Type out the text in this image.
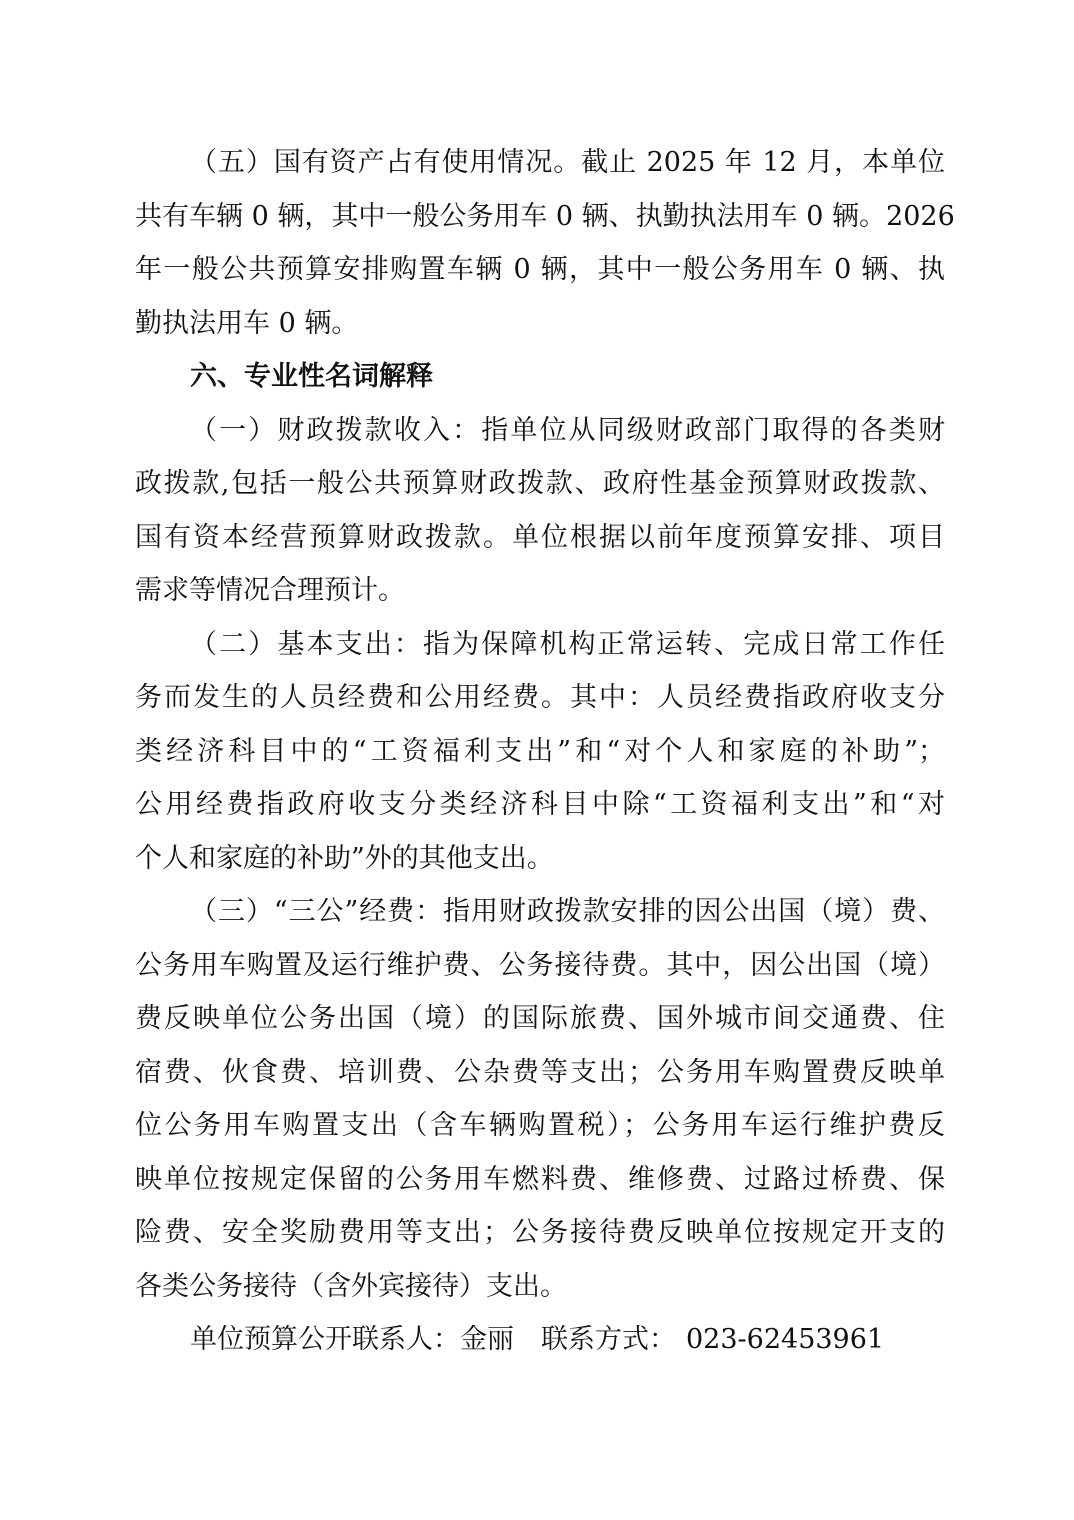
（五）国有资产占有使用情况。截止 2025 年 12 月，本单位
共有车辆 0 辆，其中一般公务用车 0 辆、执勤执法用车 0 辆。2026
年一般公共预算安排购置车辆 0 辆，其中一般公务用车 0 辆、执
勤执法用车 0 辆。
六、专业性名词解释
（一）财政拨款收入：指单位从同级财政部门取得的各类财
政拨款,包括一般公共预算财政拨款、政府性基金预算财政拨款、
国有资本经营预算财政拨款。单位根据以前年度预算安排、项目
需求等情况合理预计。
（二）基本支出：指为保障机构正常运转、完成日常工作任
务而发生的人员经费和公用经费。其中：人员经费指政府收支分
类经济科目中的“工资福利支出”和“对个人和家庭的补助”；
公用经费指政府收支分类经济科目中除“工资福利支出”和“对
个人和家庭的补助”外的其他支出。
（三）“三公”经费：指用财政拨款安排的因公出国（境）费、
公务用车购置及运行维护费、公务接待费。其中，因公出国（境）
费反映单位公务出国（境）的国际旅费、国外城市间交通费、住
宿费、伙食费、培训费、公杂费等支出；公务用车购置费反映单
位公务用车购置支出（含车辆购置税）；公务用车运行维护费反
映单位按规定保留的公务用车燃料费、维修费、过路过桥费、保
险费、安全奖励费用等支出；公务接待费反映单位按规定开支的
各类公务接待（含外宾接待）支出。
单位预算公开联系人：金丽　联系方式： 023-62453961
